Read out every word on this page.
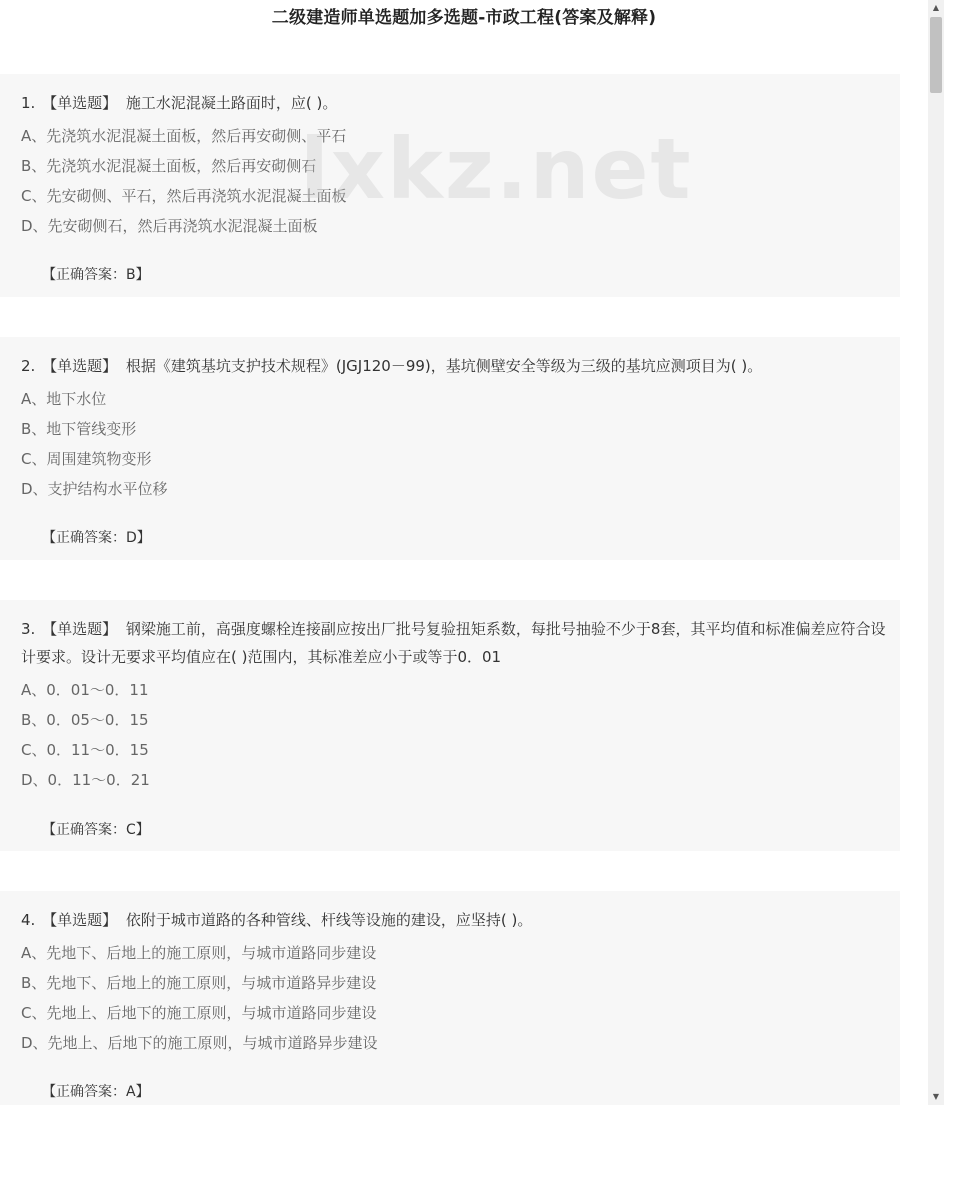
二级建造师单选题加多选题-市政工程(答案及解释)
1. 【单选题】 施工水泥混凝土路面时，应( )。
A、先浇筑水泥混凝土面板，然后再安砌侧、平石
B、先浇筑水泥混凝土面板，然后再安砌侧石
C、先安砌侧、平石，然后再浇筑水泥混凝土面板
D、先安砌侧石，然后再浇筑水泥混凝土面板
【正确答案：B】
2. 【单选题】 根据《建筑基坑支护技术规程》(JGJ120－99)，基坑侧壁安全等级为三级的基坑应测项目为( )。
A、地下水位
B、地下管线变形
C、周围建筑物变形
D、支护结构水平位移
【正确答案：D】
3. 【单选题】 钢梁施工前，高强度螺栓连接副应按出厂批号复验扭矩系数，每批号抽验不少于8套，其平均值和标准偏差应符合设计要求。设计无要求平均值应在( )范围内，其标准差应小于或等于0．01
A、0．01～0．11
B、0．05～0．15
C、0．11～0．15
D、0．11～0．21
【正确答案：C】
4. 【单选题】 依附于城市道路的各种管线、杆线等设施的建设，应坚持( )。
A、先地下、后地上的施工原则，与城市道路同步建设
B、先地下、后地上的施工原则，与城市道路异步建设
C、先地上、后地下的施工原则，与城市道路同步建设
D、先地上、后地下的施工原则，与城市道路异步建设
【正确答案：A】
lxkz.net
▲
▼
